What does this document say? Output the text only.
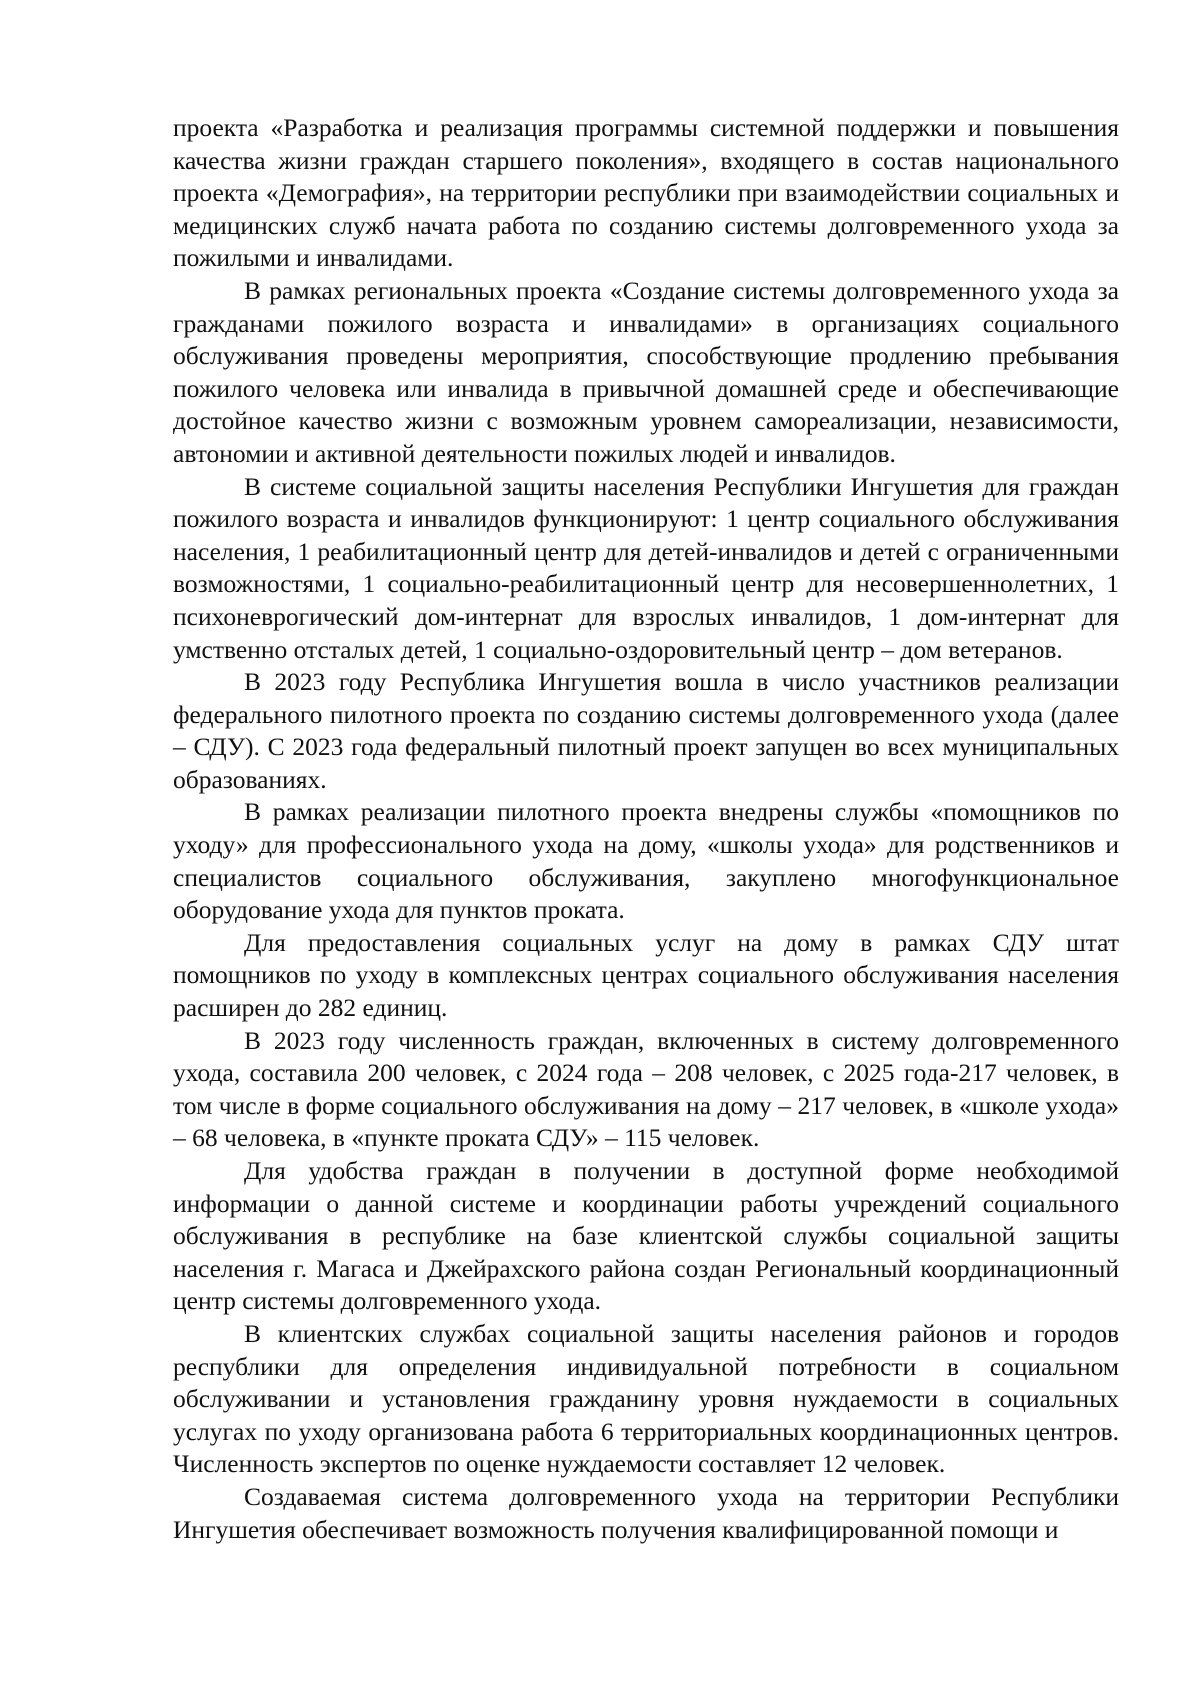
проекта «Разработка и реализация программы системной поддержки и повышения качества жизни граждан старшего поколения», входящего в состав национального проекта «Демография», на территории республики при взаимодействии социальных и медицинских служб начата работа по созданию системы долговременного ухода за пожилыми и инвалидами.

В рамках региональных проекта «Создание системы долговременного ухода за гражданами пожилого возраста и инвалидами» в организациях социального обслуживания проведены мероприятия, способствующие продлению пребывания пожилого человека или инвалида в привычной домашней среде и обеспечивающие достойное качество жизни с возможным уровнем самореализации, независимости, автономии и активной деятельности пожилых людей и инвалидов.

В системе социальной защиты населения Республики Ингушетия для граждан пожилого возраста и инвалидов функционируют: 1 центр социального обслуживания населения, 1 реабилитационный центр для детей-инвалидов и детей с ограниченными возможностями, 1 социально-реабилитационный центр для несовершеннолетних, 1 психоневрогический дом-интернат для взрослых инвалидов, 1 дом-интернат для умственно отсталых детей, 1 социально-оздоровительный центр – дом ветеранов.

В 2023 году Республика Ингушетия вошла в число участников реализации федерального пилотного проекта по созданию системы долговременного ухода (далее – СДУ). С 2023 года федеральный пилотный проект запущен во всех муниципальных образованиях.

В рамках реализации пилотного проекта внедрены службы «помощников по уходу» для профессионального ухода на дому, «школы ухода» для родственников и специалистов социального обслуживания, закуплено многофункциональное оборудование ухода для пунктов проката.

Для предоставления социальных услуг на дому в рамках СДУ штат помощников по уходу в комплексных центрах социального обслуживания населения расширен до 282 единиц.

В 2023 году численность граждан, включенных в систему долговременного ухода, составила 200 человек, с 2024 года – 208 человек, с 2025 года-217 человек, в том числе в форме социального обслуживания на дому – 217 человек, в «школе ухода» – 68 человека, в «пункте проката СДУ» – 115 человек.

Для удобства граждан в получении в доступной форме необходимой информации о данной системе и координации работы учреждений социального обслуживания в республике на базе клиентской службы социальной защиты населения г. Магаса и Джейрахского района создан Региональный координационный центр системы долговременного ухода.

В клиентских службах социальной защиты населения районов и городов республики для определения индивидуальной потребности в социальном обслуживании и установления гражданину уровня нуждаемости в социальных услугах по уходу организована работа 6 территориальных координационных центров. Численность экспертов по оценке нуждаемости составляет 12 человек.

Создаваемая система долговременного ухода на территории Республики Ингушетия обеспечивает возможность получения квалифицированной помощи и
